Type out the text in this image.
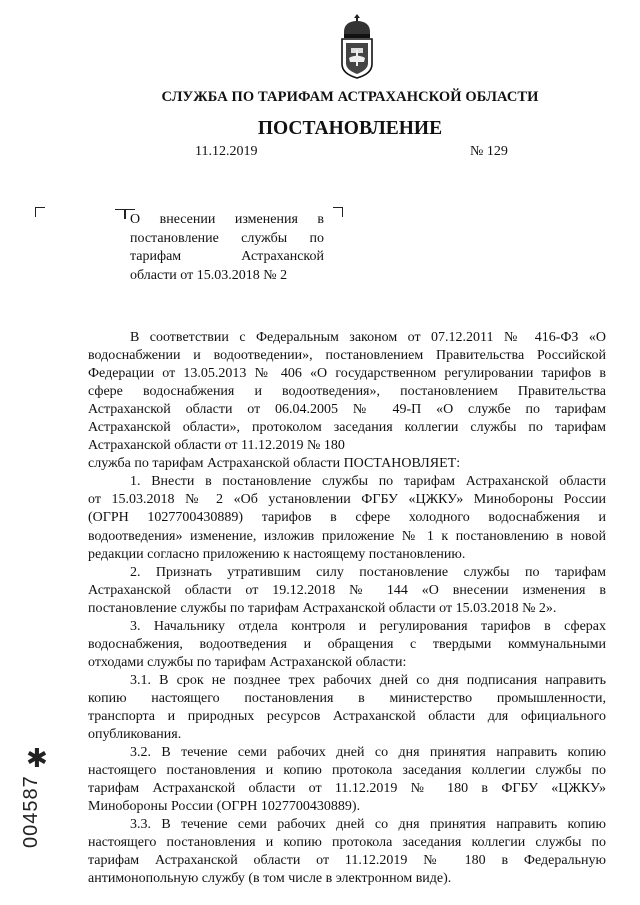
СЛУЖБА ПО ТАРИФАМ АСТРАХАНСКОЙ ОБЛАСТИ
ПОСТАНОВЛЕНИЕ
11.12.2019	№ 129
О внесении изменения в
постановление службы по
тарифам Астраханской
области от 15.03.2018 № 2
В соответствии с Федеральным законом от 07.12.2011 № 416-ФЗ «О
водоснабжении и водоотведении», постановлением Правительства Российской
Федерации от 13.05.2013 № 406 «О государственном регулировании тарифов в
сфере водоснабжения и водоотведения», постановлением Правительства
Астраханской области от 06.04.2005 № 49-П «О службе по тарифам
Астраханской области», протоколом заседания коллегии службы по тарифам
Астраханской области от 11.12.2019 № 180
служба по тарифам Астраханской области ПОСТАНОВЛЯЕТ:
1. Внести в постановление службы по тарифам Астраханской области
от 15.03.2018 № 2 «Об установлении ФГБУ «ЦЖКУ» Минобороны России
(ОГРН 1027700430889) тарифов в сфере холодного водоснабжения и
водоотведения» изменение, изложив приложение № 1 к постановлению в новой
редакции согласно приложению к настоящему постановлению.
2. Признать утратившим силу постановление службы по тарифам
Астраханской области от 19.12.2018 № 144 «О внесении изменения в
постановление службы по тарифам Астраханской области от 15.03.2018 № 2».
3. Начальнику отдела контроля и регулирования тарифов в сферах
водоснабжения, водоотведения и обращения с твердыми коммунальными
отходами службы по тарифам Астраханской области:
3.1. В срок не позднее трех рабочих дней со дня подписания направить
копию настоящего постановления в министерство промышленности,
транспорта и природных ресурсов Астраханской области для официального
опубликования.
3.2. В течение семи рабочих дней со дня принятия направить копию
настоящего постановления и копию протокола заседания коллегии службы по
тарифам Астраханской области от 11.12.2019 № 180 в ФГБУ «ЦЖКУ»
Минобороны России (ОГРН 1027700430889).
3.3. В течение семи рабочих дней со дня принятия направить копию
настоящего постановления и копию протокола заседания коллегии службы по
тарифам Астраханской области от 11.12.2019 № 180 в Федеральную
антимонопольную службу (в том числе в электронном виде).
✱
004587
